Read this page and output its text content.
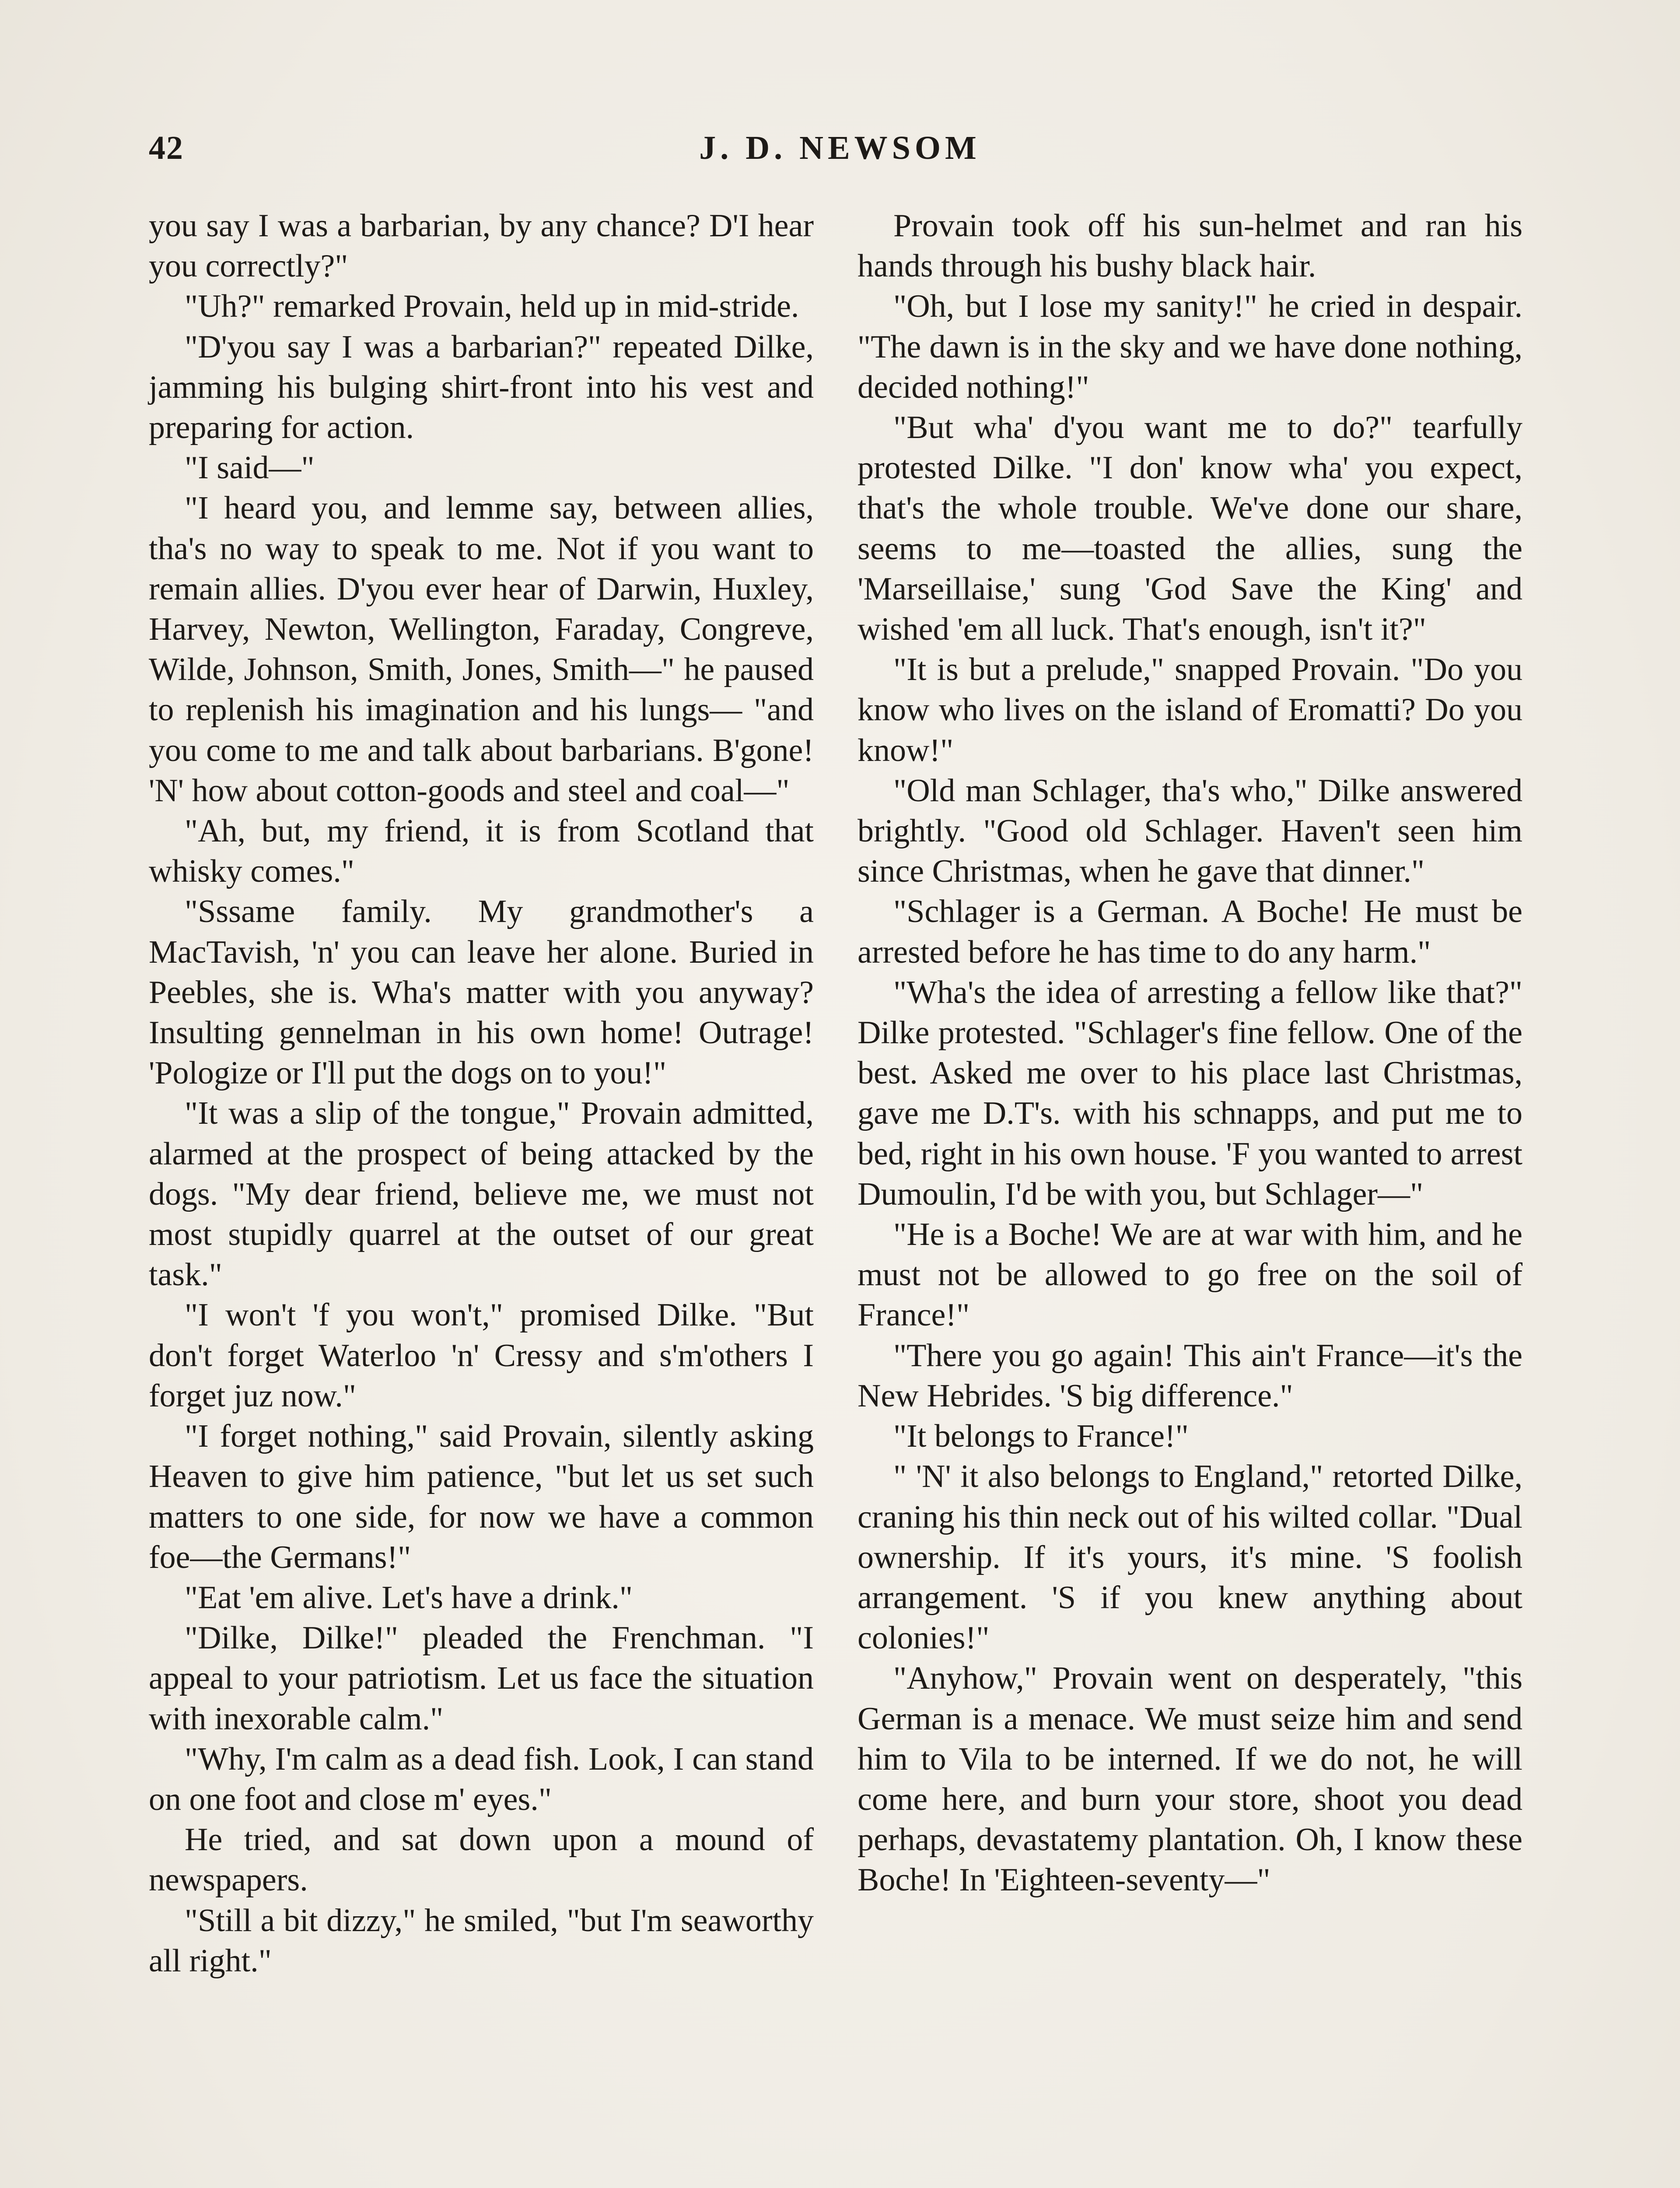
42	J. D. NEWSOM

you say I was a barbarian, by any chance? D'I hear you correctly?"

"Uh?" remarked Provain, held up in mid-stride.

"D'you say I was a barbarian?" repeated Dilke, jamming his bulging shirt-front into his vest and preparing for action.

"I said—"

"I heard you, and lemme say, between allies, tha's no way to speak to me. Not if you want to remain allies. D'you ever hear of Darwin, Huxley, Harvey, Newton, Wellington, Faraday, Congreve, Wilde, Johnson, Smith, Jones, Smith—" he paused to replenish his imagination and his lungs— "and you come to me and talk about barbarians. B'gone! 'N' how about cotton-goods and steel and coal—"

"Ah, but, my friend, it is from Scotland that whisky comes."

"Sssame family. My grandmother's a MacTavish, 'n' you can leave her alone. Buried in Peebles, she is. Wha's matter with you anyway? Insulting gennelman in his own home! Outrage! 'Pologize or I'll put the dogs on to you!"

"It was a slip of the tongue," Provain admitted, alarmed at the prospect of being attacked by the dogs. "My dear friend, believe me, we must not most stupidly quarrel at the outset of our great task."

"I won't 'f you won't," promised Dilke. "But don't forget Waterloo 'n' Cressy and s'm'others I forget juz now."

"I forget nothing," said Provain, silently asking Heaven to give him patience, "but let us set such matters to one side, for now we have a common foe—the Germans!"

"Eat 'em alive. Let's have a drink."

"Dilke, Dilke!" pleaded the Frenchman. "I appeal to your patriotism. Let us face the situation with inexorable calm."

"Why, I'm calm as a dead fish. Look, I can stand on one foot and close m' eyes."

He tried, and sat down upon a mound of newspapers.

"Still a bit dizzy," he smiled, "but I'm seaworthy all right."

Provain took off his sun-helmet and ran his hands through his bushy black hair.

"Oh, but I lose my sanity!" he cried in despair. "The dawn is in the sky and we have done nothing, decided nothing!"

"But wha' d'you want me to do?" tearfully protested Dilke. "I don' know wha' you expect, that's the whole trouble. We've done our share, seems to me—toasted the allies, sung the 'Marseillaise,' sung 'God Save the King' and wished 'em all luck. That's enough, isn't it?"

"It is but a prelude," snapped Provain. "Do you know who lives on the island of Eromatti? Do you know!"

"Old man Schlager, tha's who," Dilke answered brightly. "Good old Schlager. Haven't seen him since Christmas, when he gave that dinner."

"Schlager is a German. A Boche! He must be arrested before he has time to do any harm."

"Wha's the idea of arresting a fellow like that?" Dilke protested. "Schlager's fine fellow. One of the best. Asked me over to his place last Christmas, gave me D.T's. with his schnapps, and put me to bed, right in his own house. 'F you wanted to arrest Dumoulin, I'd be with you, but Schlager—"

"He is a Boche! We are at war with him, and he must not be allowed to go free on the soil of France!"

"There you go again! This ain't France—it's the New Hebrides. 'S big difference."

"It belongs to France!"

" 'N' it also belongs to England," retorted Dilke, craning his thin neck out of his wilted collar. "Dual ownership. If it's yours, it's mine. 'S foolish arrangement. 'S if you knew anything about colonies!"

"Anyhow," Provain went on desperately, "this German is a menace. We must seize him and send him to Vila to be interned. If we do not, he will come here, and burn your store, shoot you dead perhaps, devastatemy plantation. Oh, I know these Boche! In 'Eighteen-seventy—"
